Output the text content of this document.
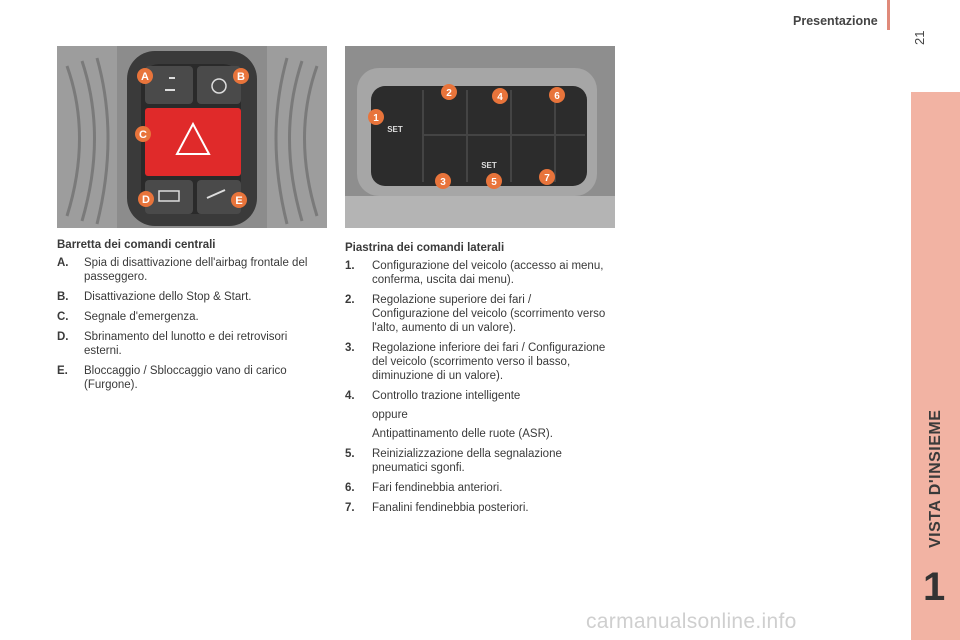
Presentazione
21
VISTA D'INSIEME
1
A	B
C
D	E
SET
SET
1
2
3
4
5
6
7
Barretta dei comandi centrali
A. Spia di disattivazione dell'airbag frontale del passeggero.
B. Disattivazione dello Stop & Start.
C. Segnale d'emergenza.
D. Sbrinamento del lunotto e dei retrovisori esterni.
E. Bloccaggio / Sbloccaggio vano di carico (Furgone).
Piastrina dei comandi laterali
1. Configurazione del veicolo (accesso ai menu, conferma, uscita dai menu).
2. Regolazione superiore dei fari / Configurazione del veicolo (scorrimento verso l'alto, aumento di un valore).
3. Regolazione inferiore dei fari / Configurazione del veicolo (scorrimento verso il basso, diminuzione di un valore).
4. Controllo trazione intelligente
oppure
Antipattinamento delle ruote (ASR).
5. Reinizializzazione della segnalazione pneumatici sgonfi.
6. Fari fendinebbia anteriori.
7. Fanalini fendinebbia posteriori.
carmanualsonline.info
